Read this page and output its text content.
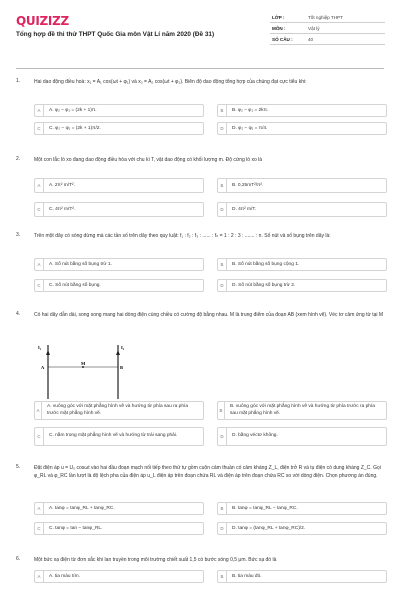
QUIZIZZ
Tổng hợp đề thi thử THPT Quốc Gia môn Vật Lí năm 2020 (Đề 31)
LỚP :	Tốt nghiệp THPT
MÔN :	Vật lý
SỐ CÂU :	40
1.	Hai dao động điều hoà: x₁ = A₁ cos(ωt + φ₁) và x₂ = A₂ cos(ωt + φ₂). Biên độ dao động tổng hợp của chúng đạt cực tiểu khi:
A	A. φ₂ − φ₁ = (2k + 1)π.	B	B. φ₂ − φ₁ = 2kπ.
C	C. φ₂ − φ₁ = (2k + 1)π/2.	D	D. φ₂ − φ₁ = π/4.
2.	Một con lắc lò xo đang dao động điều hòa với chu kì T, vật dao động có khối lượng m. Độ cứng lò xo là
A	A. 2π² m/T².	B	B. 0,25mT²/π².
C	C. 4π² m/T².	D	D. 4π² m/T.
3.	Trên một dây có sóng dừng mà các tần số trên dây theo quy luật: f₁ : f₂ : f₃ : ...... : fₙ = 1 : 2 : 3 : ....... : n. Số nút và số bụng trên dây là:
A	A. Số nút bằng số bụng trừ 1.	B	B. Số nút bằng số bụng cộng 1.
C	C. Số nút bằng số bụng.	D	D. Số nút bằng số bụng trừ 2.
4.	Có hai dây dẫn dài, song song mang hai dòng điện cùng chiều có cường độ bằng nhau. M là trung điểm của đoạn AB (xem hình vẽ). Véc tơ cảm ứng từ tại M
I₁	I₂
A	B
M
A
A. vuông góc với mặt phẳng hình vẽ và hướng từ phía sau ra phía trước mặt phẳng hình vẽ.	B
B. vuông góc với mặt phẳng hình vẽ và hướng từ phía trước ra phía sau mặt phẳng hình vẽ.
C	C. nằm trong mặt phẳng hình vẽ và hướng từ trái sang phải.	D	D. bằng véctơ không.
5.	Đặt điện áp u = U₀ cosωt vào hai đầu đoạn mạch nối tiếp theo thứ tự gồm cuộn cảm thuần có cảm kháng Z_L, điện trở R và tụ điện có dung kháng Z_C. Gọi φ_RL và φ_RC lần lượt là độ lệch pha của điện áp u_L điện áp trên đoạn chứa RL và điện áp trên đoạn chứa RC so với dòng điện. Chọn phương án đúng.
A	A. tanφ = tanφ_RL + tanφ_RC.	B	B. tanφ = tanφ_RL − tanφ_RC.
C	C. tanφ = tan − tanφ_RL.	D	D. tanφ = (tanφ_RL + tanφ_RC)/2.
6.	Một bức xạ điện từ đơn sắc khi lan truyền trong môi trường chiết suất 1,5 có bước sóng 0,5 μm. Bức xạ đó là
A	A. tia màu tím.	B	B. tia màu đỏ.
